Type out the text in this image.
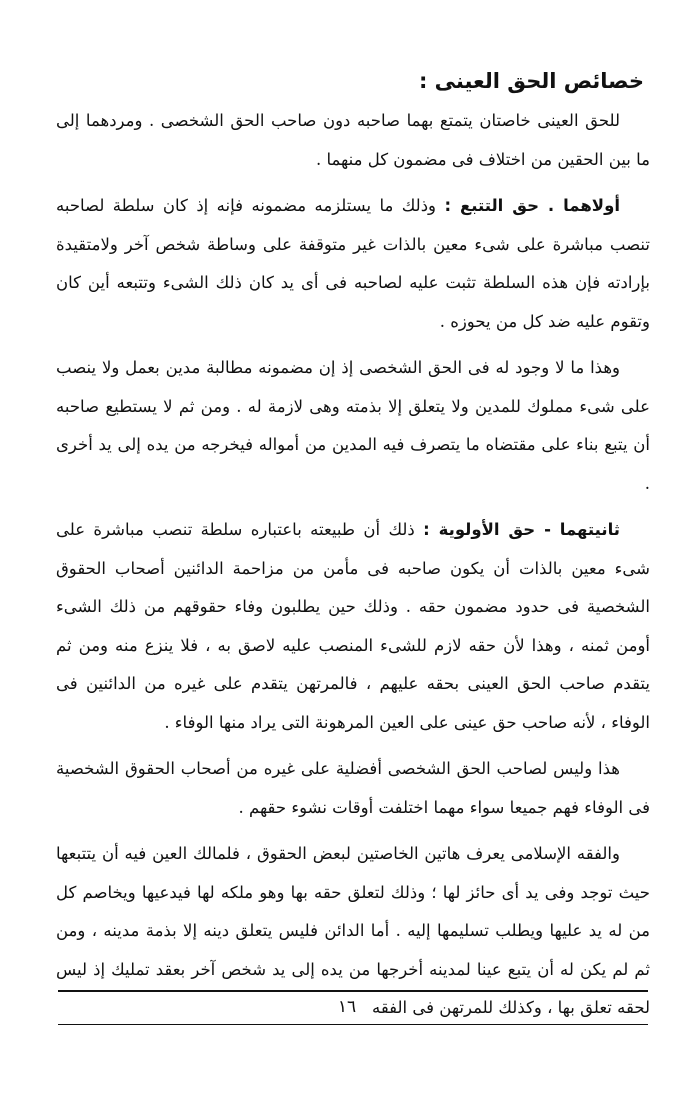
خصائص الحق العينى :

للحق العينى خاصتان يتمتع بهما صاحبه دون صاحب الحق الشخصى . ومردهما إلى ما بين الحقين من اختلاف فى مضمون كل منهما .

أولاهما . حق التتبع : وذلك ما يستلزمه مضمونه فإنه إذ كان سلطة لصاحبه تنصب مباشرة على شىء معين بالذات غير متوقفة على وساطة شخص آخر ولامتقيدة بإرادته فإن هذه السلطة تثبت عليه لصاحبه فى أى يد كان ذلك الشىء وتتبعه أين كان وتقوم عليه ضد كل من يحوزه .

وهذا ما لا وجود له فى الحق الشخصى إذ إن مضمونه مطالبة مدين بعمل ولا ينصب على شىء مملوك للمدين ولا يتعلق إلا بذمته وهى لازمة له . ومن ثم لا يستطيع صاحبه أن يتبع بناء على مقتضاه ما يتصرف فيه المدين من أمواله فيخرجه من يده إلى يد أخرى .

ثانيتهما - حق الأولوية : ذلك أن طبيعته باعتباره سلطة تنصب مباشرة على شىء معين بالذات أن يكون صاحبه فى مأمن من مزاحمة الدائنين أصحاب الحقوق الشخصية فى حدود مضمون حقه . وذلك حين يطلبون وفاء حقوقهم من ذلك الشىء أومن ثمنه ، وهذا لأن حقه لازم للشىء المنصب عليه لاصق به ، فلا ينزع منه ومن ثم يتقدم صاحب الحق العينى بحقه عليهم ، فالمرتهن يتقدم على غيره من الدائنين فى الوفاء ، لأنه صاحب حق عينى على العين المرهونة التى يراد منها الوفاء .

هذا وليس لصاحب الحق الشخصى أفضلية على غيره من أصحاب الحقوق الشخصية فى الوفاء فهم جميعا سواء مهما اختلفت أوقات نشوء حقهم .

والفقه الإسلامى يعرف هاتين الخاصتين لبعض الحقوق ، فلمالك العين فيه أن يتتبعها حيث توجد وفى يد أى حائز لها ؛ وذلك لتعلق حقه بها وهو ملكه لها فيدعيها ويخاصم كل من له يد عليها ويطلب تسليمها إليه . أما الدائن فليس يتعلق دينه إلا بذمة مدينه ، ومن ثم لم يكن له أن يتبع عينا لمدينه أخرجها من يده إلى يد شخص آخر بعقد تمليك إذ ليس لحقه تعلق بها ، وكذلك للمرتهن فى الفقه

١٦
